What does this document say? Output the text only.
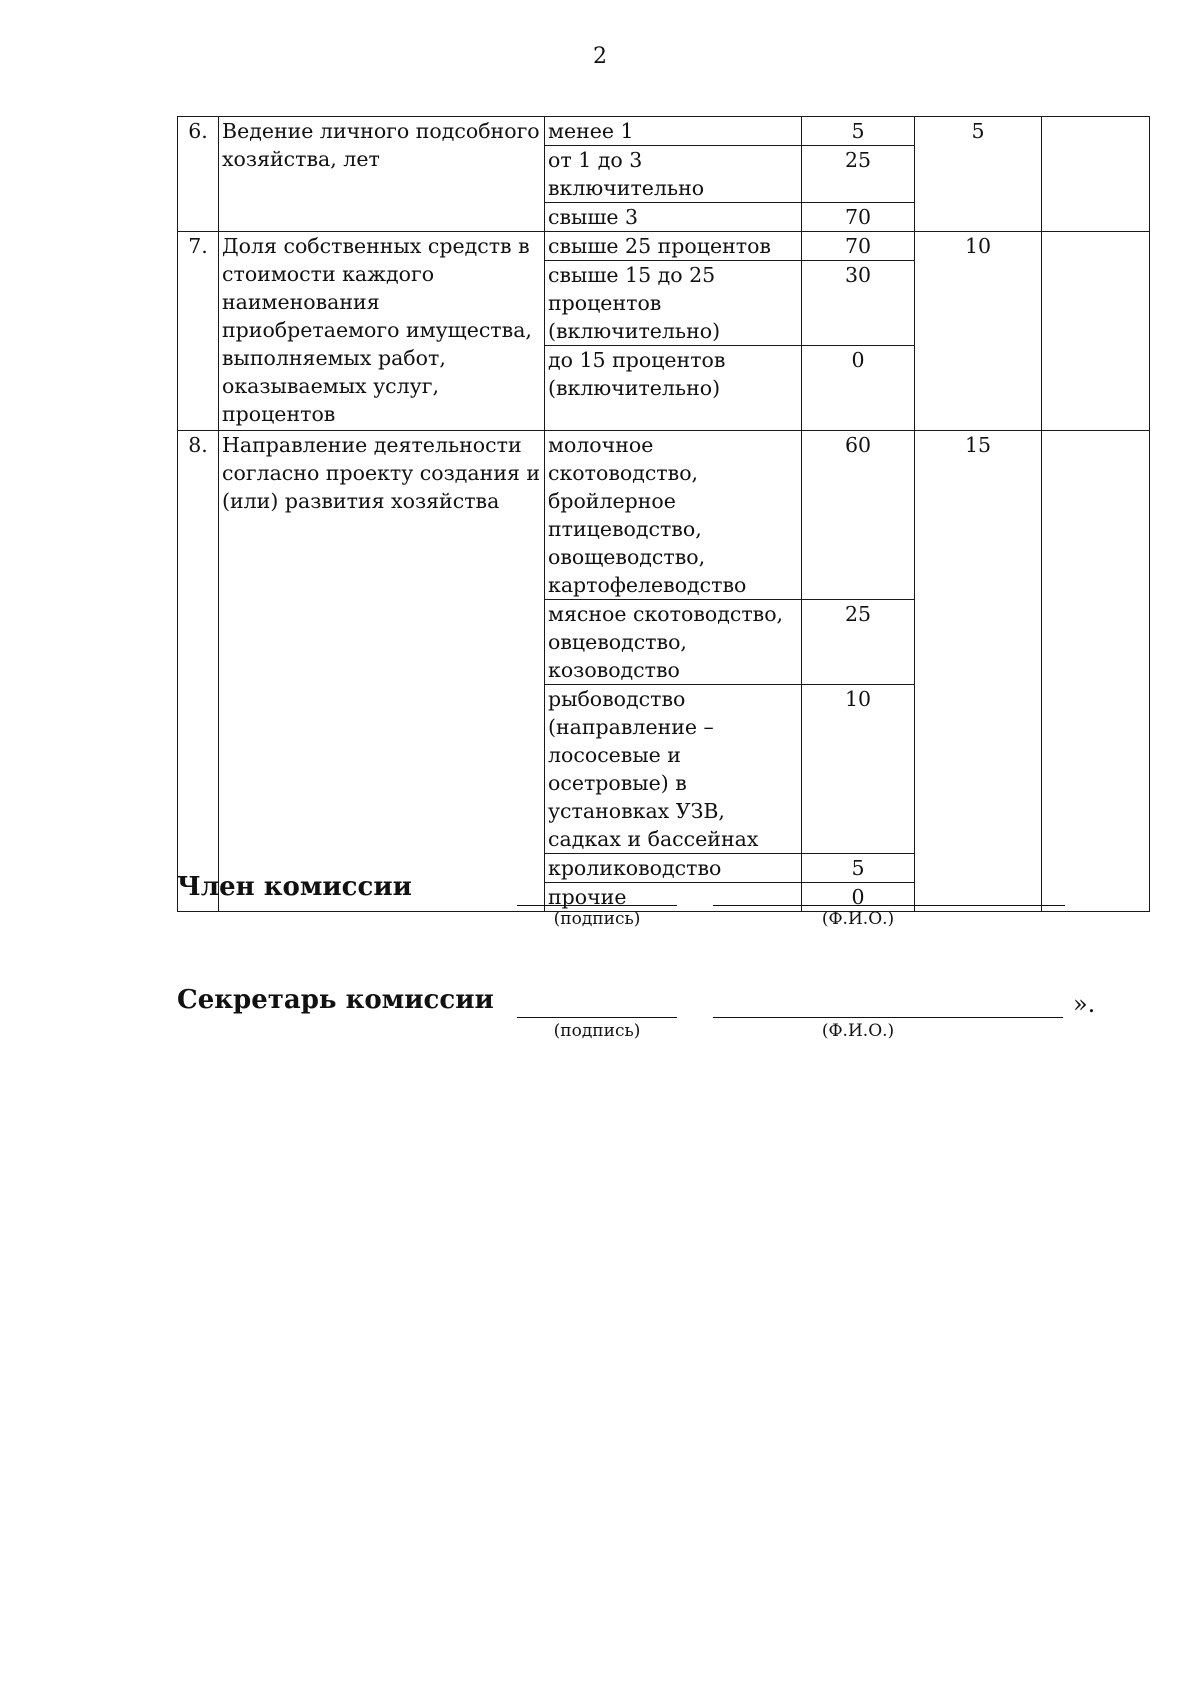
2
6.	Ведение личного подсобного хозяйства, лет	менее 1	5	5	
		от 1 до 3 включительно	25		
		свыше 3	70		
7.	Доля собственных средств в стоимости каждого наименования приобретаемого имущества, выполняемых работ, оказываемых услуг, процентов	свыше 25 процентов	70	10	
		свыше 15 до 25 процентов (включительно)	30		
		до 15 процентов (включительно)	0		
8.	Направление деятельности согласно проекту создания и (или) развития хозяйства	молочное скотоводство, бройлерное птицеводство, овощеводство, картофелеводство	60	15	
		мясное скотоводство, овцеводство, козоводство	25		
		рыбоводство (направление – лососевые и осетровые) в установках УЗВ, садках и бассейнах	10		
		кролиководство	5		
		прочие	0		
Член комиссии
(подпись)	(Ф.И.О.)
Секретарь комиссии	».
(подпись)	(Ф.И.О.)
